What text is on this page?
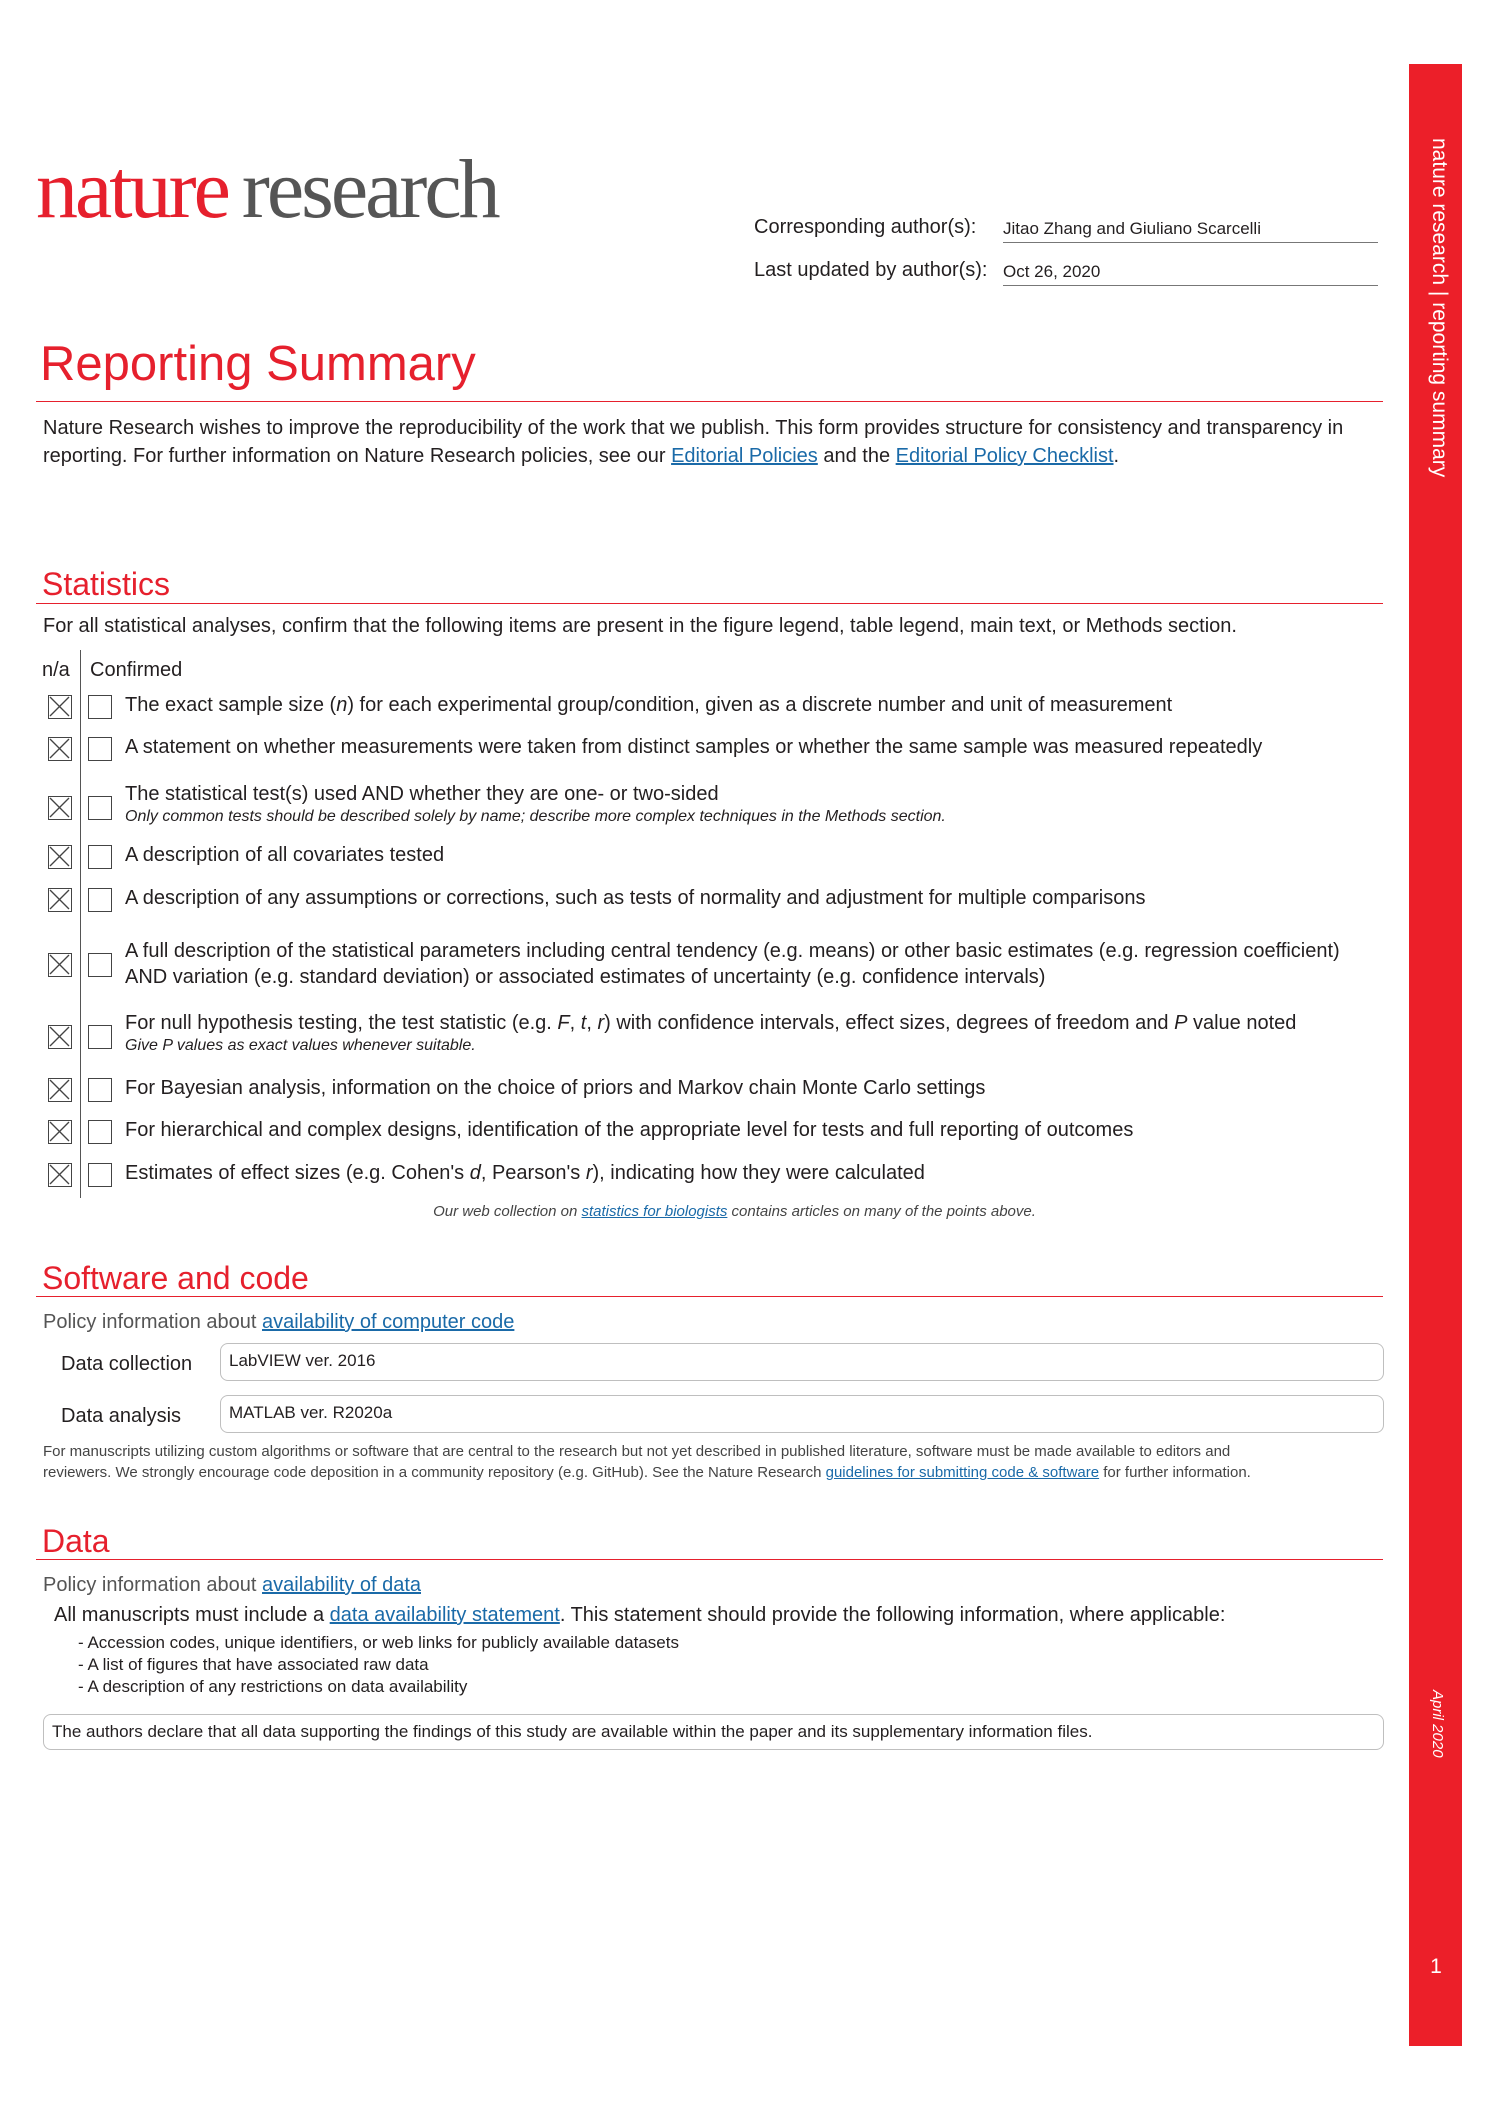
nature research	Corresponding author(s): Jitao Zhang and Giuliano Scarcelli
Last updated by author(s): Oct 26, 2020
Reporting Summary
Nature Research wishes to improve the reproducibility of the work that we publish. This form provides structure for consistency and transparency in reporting. For further information on Nature Research policies, see our Editorial Policies and the Editorial Policy Checklist.
Statistics
For all statistical analyses, confirm that the following items are present in the figure legend, table legend, main text, or Methods section.
n/a Confirmed
The exact sample size (n) for each experimental group/condition, given as a discrete number and unit of measurement
A statement on whether measurements were taken from distinct samples or whether the same sample was measured repeatedly
The statistical test(s) used AND whether they are one- or two-sided
Only common tests should be described solely by name; describe more complex techniques in the Methods section.
A description of all covariates tested
A description of any assumptions or corrections, such as tests of normality and adjustment for multiple comparisons
A full description of the statistical parameters including central tendency (e.g. means) or other basic estimates (e.g. regression coefficient)
AND variation (e.g. standard deviation) or associated estimates of uncertainty (e.g. confidence intervals)
For null hypothesis testing, the test statistic (e.g. F, t, r) with confidence intervals, effect sizes, degrees of freedom and P value noted
Give P values as exact values whenever suitable.
For Bayesian analysis, information on the choice of priors and Markov chain Monte Carlo settings
For hierarchical and complex designs, identification of the appropriate level for tests and full reporting of outcomes
Estimates of effect sizes (e.g. Cohen's d, Pearson's r), indicating how they were calculated
Our web collection on statistics for biologists contains articles on many of the points above.
Software and code
Policy information about availability of computer code
Data collection	LabVIEW ver. 2016
Data analysis	MATLAB ver. R2020a
For manuscripts utilizing custom algorithms or software that are central to the research but not yet described in published literature, software must be made available to editors and
reviewers. We strongly encourage code deposition in a community repository (e.g. GitHub). See the Nature Research guidelines for submitting code & software for further information.
Data
Policy information about availability of data
All manuscripts must include a data availability statement. This statement should provide the following information, where applicable:
- Accession codes, unique identifiers, or web links for publicly available datasets
- A list of figures that have associated raw data
- A description of any restrictions on data availability
The authors declare that all data supporting the findings of this study are available within the paper and its supplementary information files.
nature research | reporting summary
April 2020
1
